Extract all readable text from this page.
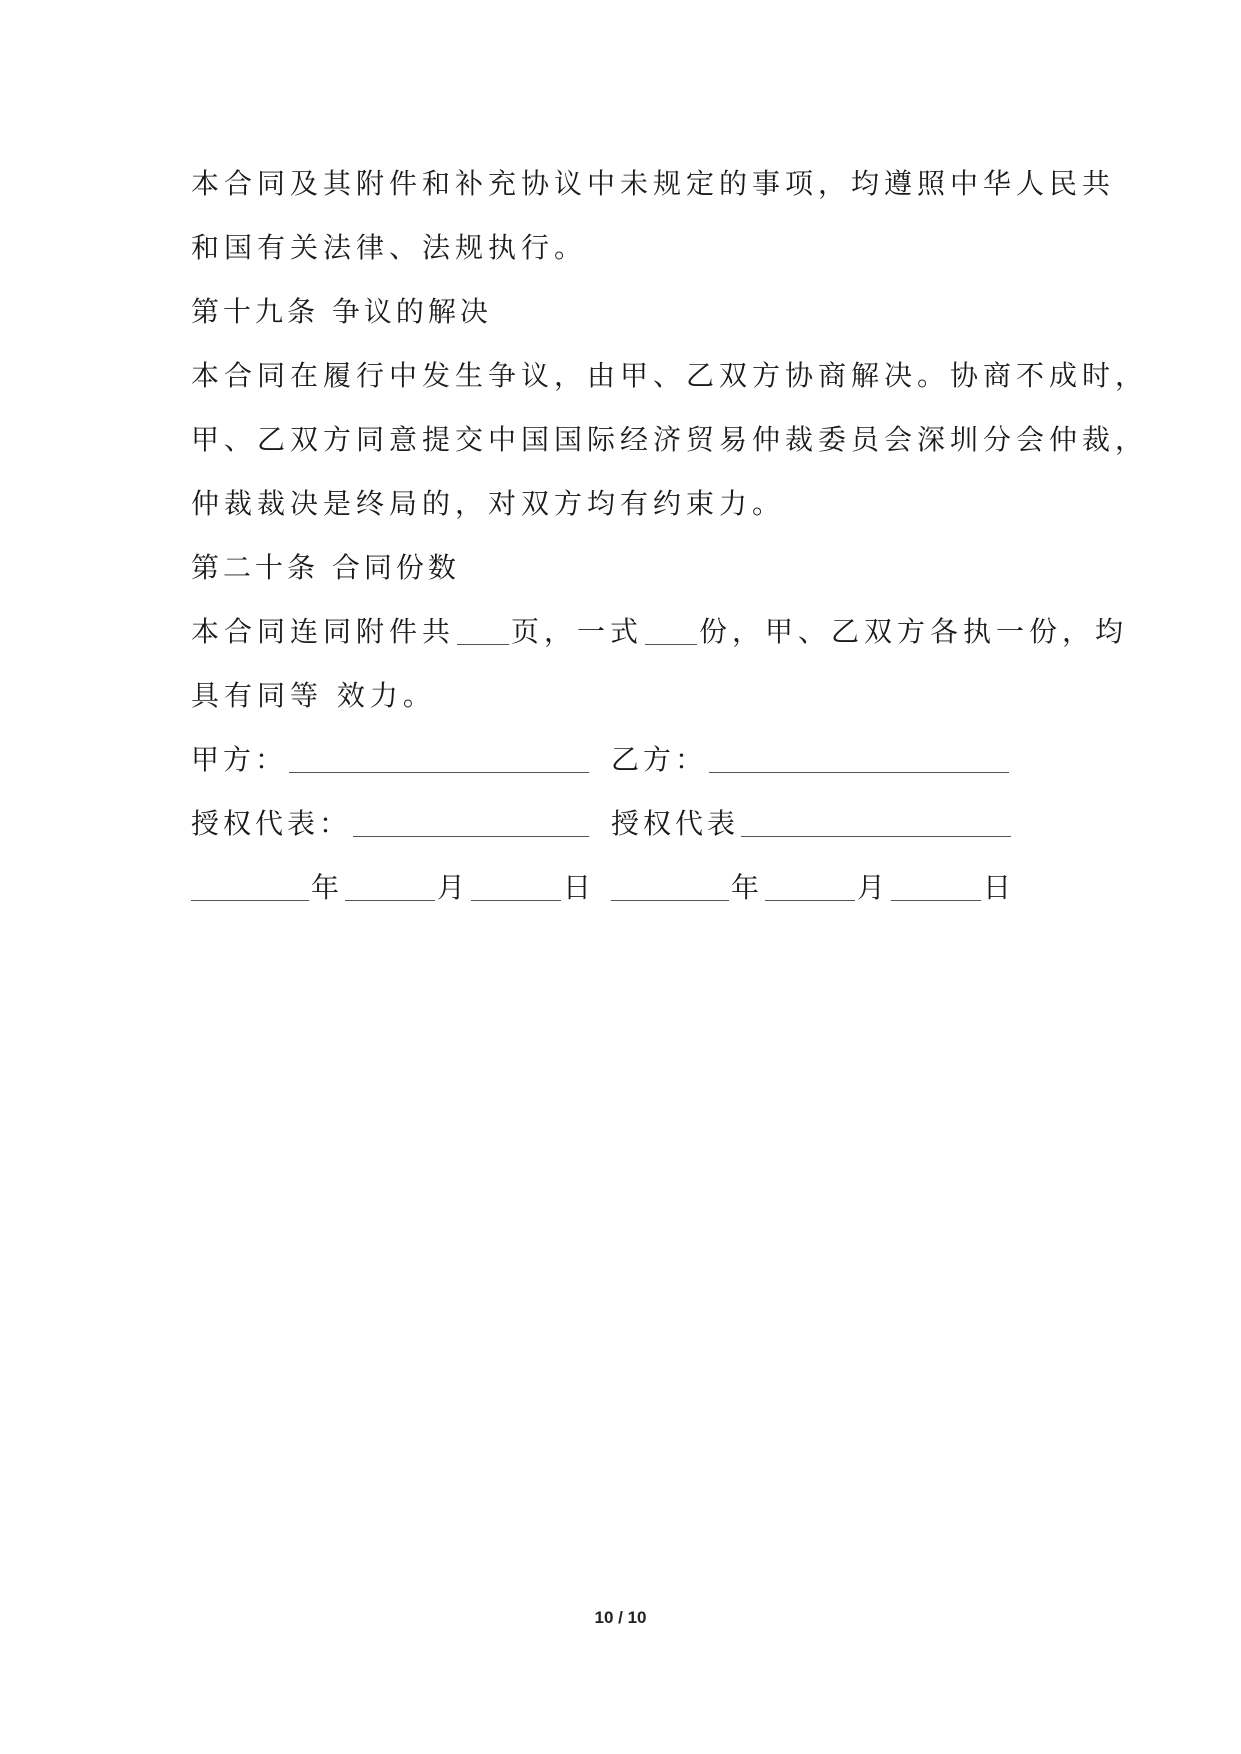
本合同及其附件和补充协议中未规定的事项，均遵照中华人民共
和国有关法律、法规执行。
第十九条 争议的解决
本合同在履行中发生争议，由甲、乙双方协商解决。协商不成时，
甲、乙双方同意提交中国国际经济贸易仲裁委员会深圳分会仲裁，
仲裁裁决是终局的，对双方均有约束力。
第二十条 合同份数
本合同连同附件共 页，一式 份，甲、乙双方各执一份，均
具有同等 效力。
甲方：	乙方：
授权代表：	授权代表
年	月	日	年	月	日
10 / 10
